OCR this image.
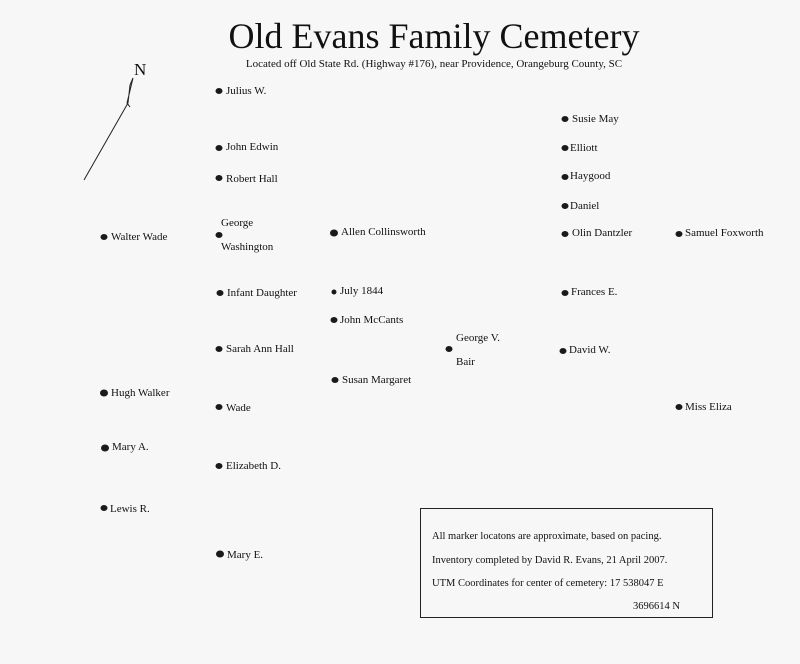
Old Evans Family Cemetery
Located off Old State Rd. (Highway #176), near Providence, Orangeburg County, SC
N
Walter Wade
Hugh Walker
Mary A.
Lewis R.
Julius W.
John Edwin
Robert Hall
George
Washington
Infant Daughter
Sarah Ann Hall
Wade
Elizabeth D.
Mary E.
Allen Collinsworth
July 1844
John McCants
Susan Margaret
George V.
Bair
Susie May
Elliott
Haygood
Daniel
Olin Dantzler
Frances E.
David W.
Samuel Foxworth
Miss Eliza
All marker locatons are approximate, based on pacing.
Inventory completed by David R. Evans, 21 April 2007.
UTM Coordinates for center of cemetery: 17 538047 E
3696614 N
